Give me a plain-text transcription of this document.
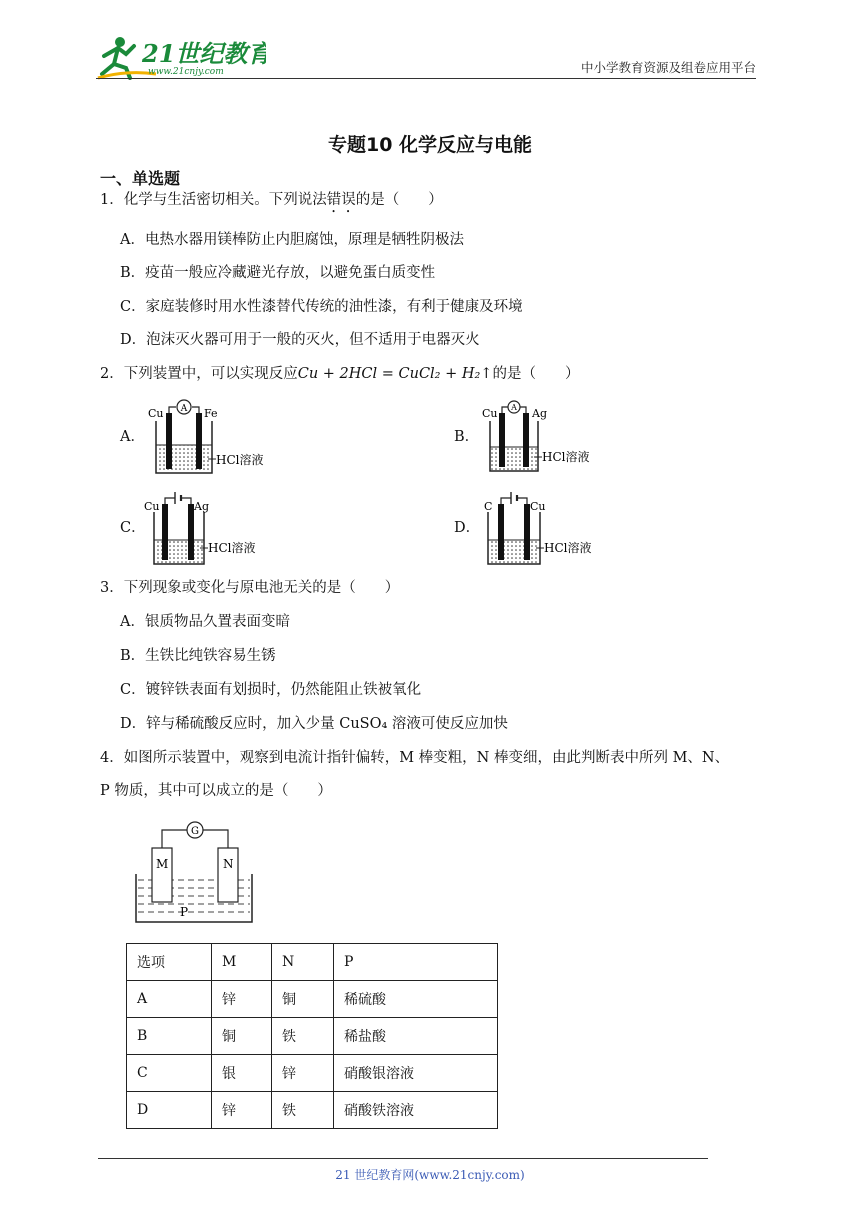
21世纪教育
www.21cnjy.com	中小学教育资源及组卷应用平台
专题10 化学反应与电能
一、单选题
1．化学与生活密切相关。下列说法错误的是（　　）
A．电热水器用镁棒防止内胆腐蚀，原理是牺牲阴极法
B．疫苗一般应冷藏避光存放，以避免蛋白质变性
C．家庭装修时用水性漆替代传统的油性漆，有利于健康及环境
D．泡沫灭火器可用于一般的灭火，但不适用于电器灭火
2．下列装置中，可以实现反应Cu + 2HCl = CuCl₂ + H₂↑的是（　　）
A．	B．
C．	D．
A
Cu	Fe
HCl溶液
A
Cu	Ag
HCl溶液
Cu	Ag
HCl溶液
C	Cu
HCl溶液
3．下列现象或变化与原电池无关的是（　　）
A．银质物品久置表面变暗
B．生铁比纯铁容易生锈
C．镀锌铁表面有划损时，仍然能阻止铁被氧化
D．锌与稀硫酸反应时，加入少量 CuSO₄ 溶液可使反应加快
4．如图所示装置中，观察到电流计指针偏转，M 棒变粗，N 棒变细，由此判断表中所列 M、N、
P 物质，其中可以成立的是（　　）
G
M	N
P
选项	M	N	P
A	锌	铜	稀硫酸
B	铜	铁	稀盐酸
C	银	锌	硝酸银溶液
D	锌	铁	硝酸铁溶液
21 世纪教育网(www.21cnjy.com)
